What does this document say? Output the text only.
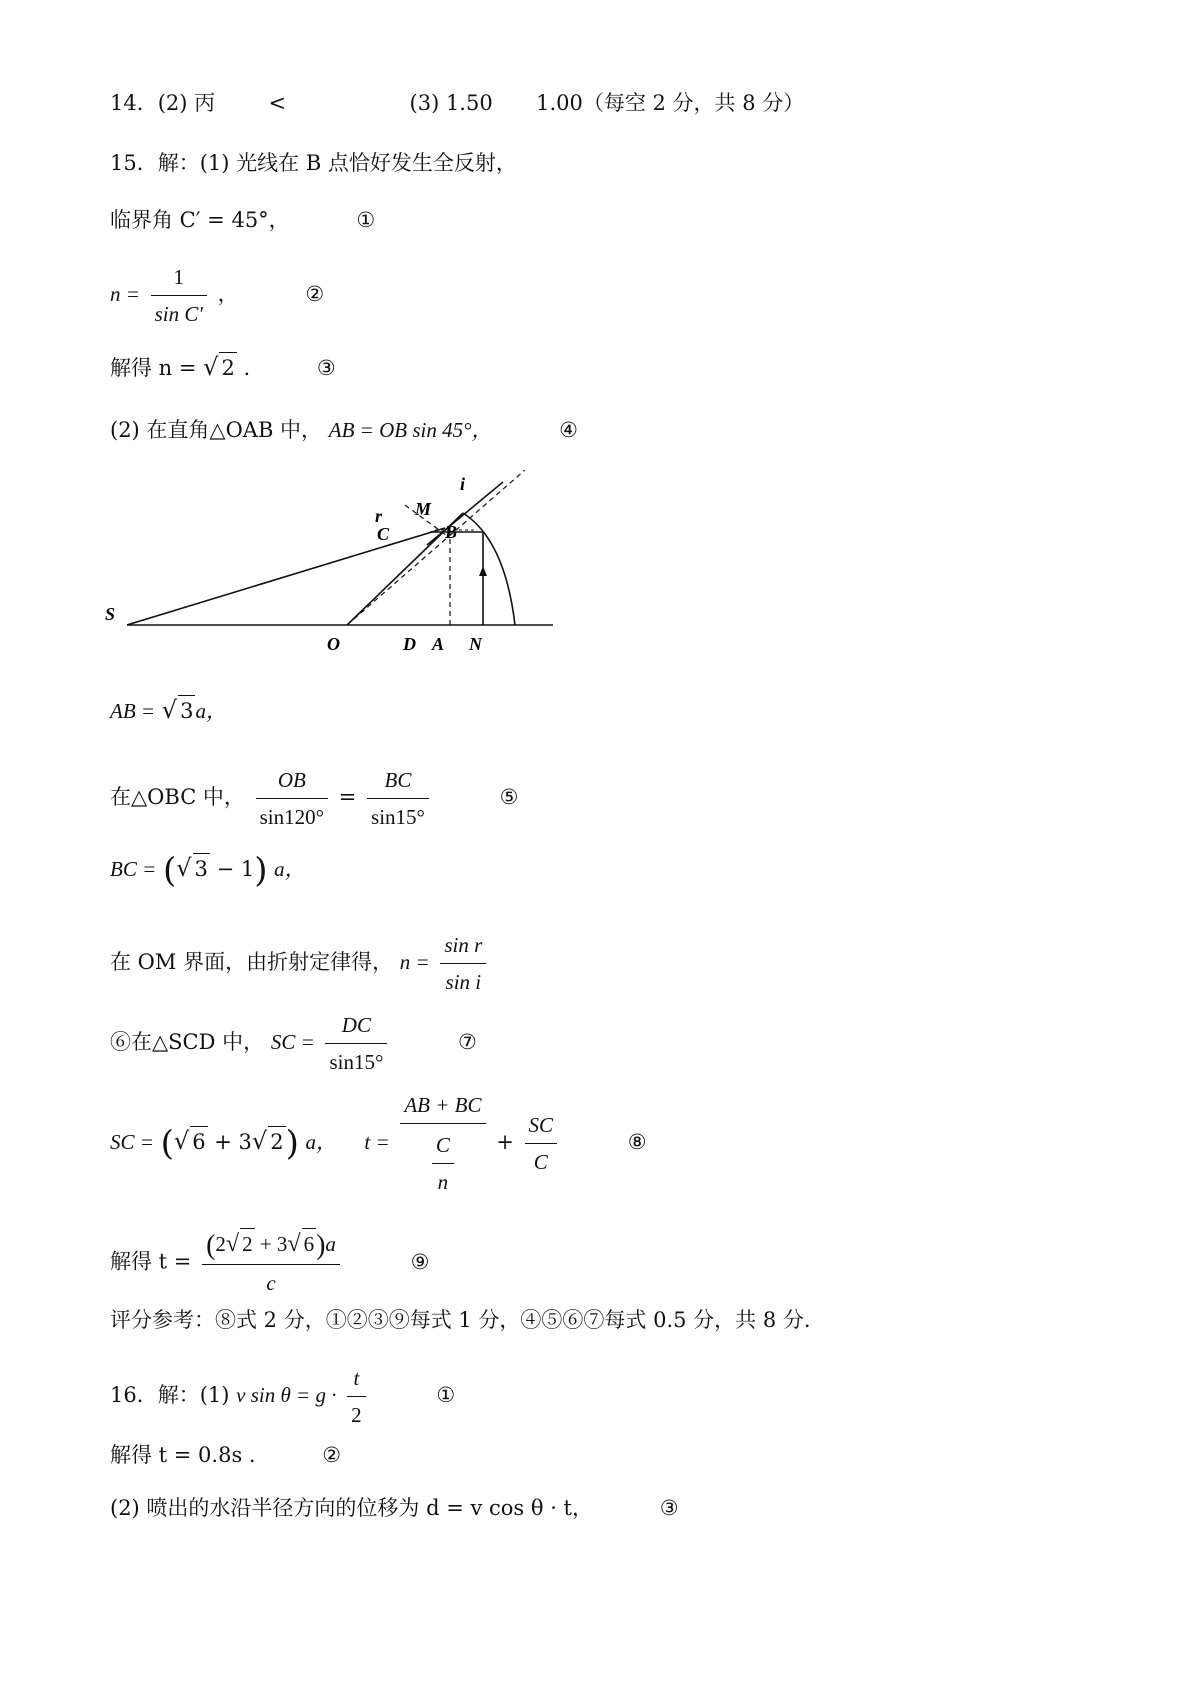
14．(2) 丙	<	(3) 1.50 1.00（每空 2 分，共 8 分）
15．解：(1) 光线在 B 点恰好发生全反射，
临界角 C′ = 45°，	①
$n = \frac{1}{\text{sin C′}}$ ，	②
解得 n = √ 2 .	③
(2) 在直角△OAB 中， AB = OB sin 45°，	④
S
O	D A N
M
i
r
C	B
AB = √ 3a，
在△OBC 中， $\frac{OB}{\sin 120^\circ} = \frac{BC}{\sin 15^\circ}$	⑤
BC = (√ 3 − 1) a，
在 OM 界面，由折射定律得， $n = \frac{\text{sin r}}{\text{sin i}}$
⑥在△SCD 中， SC = $\frac{DC}{\sin 15^\circ}$	⑦
SC = (√ 6 + 3√ 2) a， $t = \frac{AB + BC}{\frac{C}{n}} + \frac{SC}{C}$	⑧
解得 $t = \frac{(2√ 2 + 3√ 6)a}{c}$	⑨
评分参考：⑧式 2 分，①②③⑨每式 1 分，④⑤⑥⑦每式 0.5 分，共 8 分.
16．解：(1) v $\sin \theta = g \cdot \frac{t}{2}$	①
解得 t = 0.8s .	②
(2) 喷出的水沿半径方向的位移为 d = v cos θ · t，	③
